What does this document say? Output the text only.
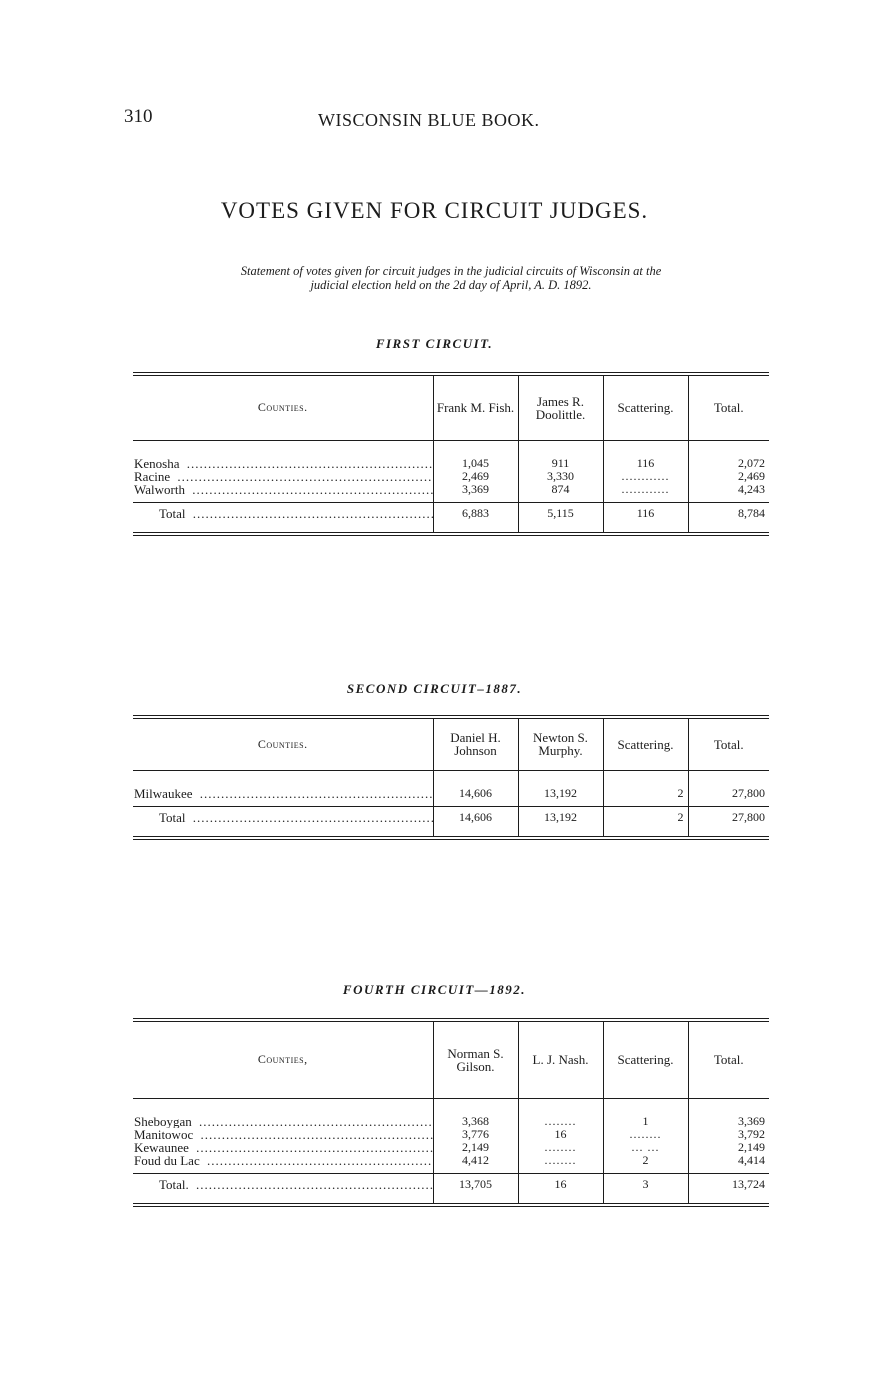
310	WISCONSIN BLUE BOOK.
VOTES GIVEN FOR CIRCUIT JUDGES.
Statement of votes given for circuit judges in the judicial circuits of Wisconsin at the
judicial election held on the 2d day of April, A. D. 1892.
FIRST CIRCUIT.
Counties.	Frank M. Fish.	James R. Doolittle.	Scattering.	Total.
Kenosha .....	1,045	911	116	2,072
Racine .....	2,469	3,330	............	2,469
Walworth .....	3,369	874	............	4,243
Total .....	6,883	5,115	116	8,784
SECOND CIRCUIT–1887.
Counties.	Daniel H. Johnson	Newton S. Murphy.	Scattering.	Total.
Milwaukee .....	14,606	13,192	2	27,800
Total .....	14,606	13,192	2	27,800
FOURTH CIRCUIT—1892.
Counties,	Norman S. Gilson.	L. J. Nash.	Scattering.	Total.
Sheboygan .....	3,368	........	1	3,369
Manitowoc .....	3,776	16	........	3,792
Kewaunee .....	2,149	........	... ...	2,149
Foud du Lac .....	4,412	........	2	4,414
Total. .....	13,705	16	3	13,724
